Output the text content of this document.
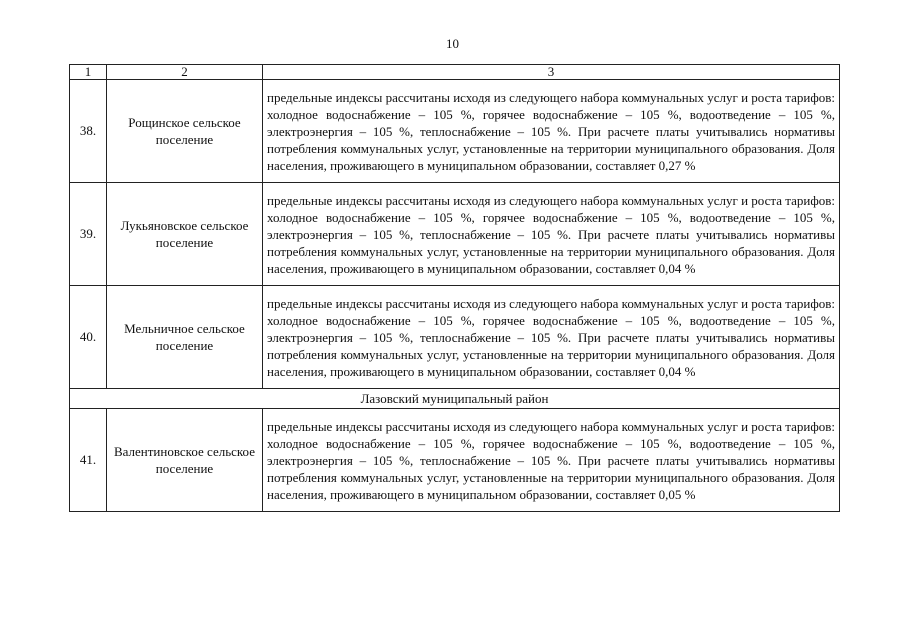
10
1	2	3
38.	Рощинское сельское поселение	предельные индексы рассчитаны исходя из следующего набора коммунальных услуг и роста тарифов: холодное водоснабжение – 105 %, горячее водоснабжение – 105 %, водоотведение – 105 %, электроэнергия – 105 %, теплоснабжение – 105 %. При расчете платы учитывались нормативы потребления коммунальных услуг, установленные на территории муниципального образования. Доля населения, проживающего в муниципальном образовании, составляет 0,27 %
39.	Лукьяновское сельское поселение	предельные индексы рассчитаны исходя из следующего набора коммунальных услуг и роста тарифов: холодное водоснабжение – 105 %, горячее водоснабжение – 105 %, водоотведение – 105 %, электроэнергия – 105 %, теплоснабжение – 105 %. При расчете платы учитывались нормативы потребления коммунальных услуг, установленные на территории муниципального образования. Доля населения, проживающего в муниципальном образовании, составляет 0,04 %
40.	Мельничное сельское поселение	предельные индексы рассчитаны исходя из следующего набора коммунальных услуг и роста тарифов: холодное водоснабжение – 105 %, горячее водоснабжение – 105 %, водоотведение – 105 %, электроэнергия – 105 %, теплоснабжение – 105 %. При расчете платы учитывались нормативы потребления коммунальных услуг, установленные на территории муниципального образования. Доля населения, проживающего в муниципальном образовании, составляет 0,04 %
Лазовский муниципальный район		
41.	Валентиновское сельское поселение	предельные индексы рассчитаны исходя из следующего набора коммунальных услуг и роста тарифов: холодное водоснабжение – 105 %, горячее водоснабжение – 105 %, водоотведение – 105 %, электроэнергия – 105 %, теплоснабжение – 105 %. При расчете платы учитывались нормативы потребления коммунальных услуг, установленные на территории муниципального образования. Доля населения, проживающего в муниципальном образовании, составляет 0,05 %
